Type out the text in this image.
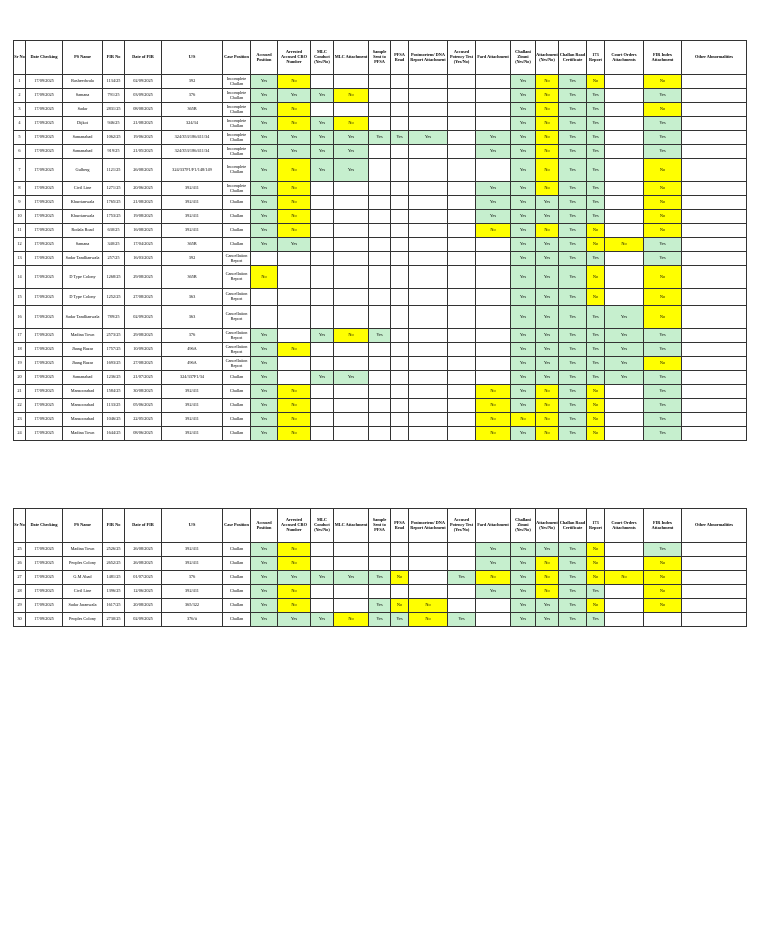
Sr No	Date Checking	PS Name	FIR No	Date of FIR	U/S	Case Position	Accused Position	Arrested Accused CRO Number	MLC Conduct (Yes/No)	MLC Attachment	Sample Sent to PFSA	PFSA Read	Postmortem/ DNA Report Attachment	Accused Potency Test (Yes/No)	Fard Attachment	Challani Zimni (Yes/No)	Attachment (Yes/No)	Challan Road Certificate	173 Report	Court Orders Attachments	FIR Index Attachment	Other Abnormalities
1	17/09/2025	Rasheedwala	1134/25	02/09/2025	392	Incomplete Challan	Yes	No								Yes	No	Yes	No		No	
2	17/09/2025	Samana	791/25	03/09/2025	376	Incomplete Challan	Yes	Yes	Yes	No						Yes	No	Yes	Yes		Yes	
3	17/09/2025	Sadar	2831/25	08/08/2025	365B	Incomplete Challan	Yes	No								Yes	No	Yes	Yes		No	
4	17/09/2025	Dijkot	946/25	21/08/2025	324/34	Incomplete Challan	Yes	No	Yes	No						Yes	No	Yes	Yes		Yes	
5	17/09/2025	Samanabad	1062/25	19/06/2025	324/353/186/411/34	Incomplete Challan	Yes	Yes	Yes	Yes	Yes	Yes	Yes		Yes	Yes	No	Yes	Yes		Yes	
6	17/09/2025	Samanabad	919/25	21/05/2025	324/353/186/411/34	Incomplete Challan	Yes	Yes	Yes	Yes					Yes	Yes	No	Yes	Yes		Yes	
7	17/09/2025	Gulberg	1121/25	26/08/2025	324/337F1/F1/148/149	Incomplete Challan	Yes	No	Yes	Yes						Yes	No	Yes	Yes		No	
8	17/09/2025	Civil Line	1271/25	20/06/2025	392/411	Incomplete Challan	Yes	No							Yes	Yes	No	Yes	Yes		No	
9	17/09/2025	Khurrianwala	1765/25	21/08/2025	392/411	Challan	Yes	No							Yes	Yes	Yes	Yes	Yes		No	
10	17/09/2025	Khurrianwala	1753/25	19/08/2025	392/411	Challan	Yes	No							Yes	Yes	Yes	Yes	Yes		No	
11	17/09/2025	Rodala Road	630/25	16/08/2025	392/411	Challan	Yes	No							No	Yes	No	Yes	No		No	
12	17/09/2025	Samana	340/25	17/04/2025	365B	Challan	Yes	Yes								Yes	Yes	Yes	No	No	Yes	
13	17/09/2025	Sadar Tandlianwala	257/25	16/03/2025	392	Cancellation Report										Yes	Yes	Yes	Yes		Yes	
14	17/09/2025	D Type Colony	1268/25	29/08/2025	365B	Cancellation Report	No									Yes	Yes	Yes	No		No	
15	17/09/2025	D Type Colony	1252/25	27/08/2025	363	Cancellation Report										Yes	Yes	Yes	No		No	
16	17/09/2025	Sadar Tandlianwala	789/25	02/09/2025	363	Cancellation Report										Yes	Yes	Yes	Yes	Yes	No	
17	17/09/2025	Madina Town	2573/25	29/08/2025	376	Cancellation Report	Yes		Yes	No	Yes					Yes	Yes	Yes	Yes	Yes	Yes	
18	17/09/2025	Jhang Bazar	1757/25	10/09/2025	496A	Cancellation Report	Yes	No								Yes	Yes	Yes	Yes	Yes	Yes	
19	17/09/2025	Jhang Bazar	1693/25	27/08/2025	496A	Cancellation Report	Yes									Yes	Yes	Yes	Yes	Yes	No	
20	17/09/2025	Samanabad	1236/25	21/07/2025	324/337F1/34	Challan	Yes		Yes	Yes						Yes	Yes	Yes	Yes	Yes	Yes	
21	17/09/2025	Mansoorabad	1584/25	30/08/2025	392/411	Challan	Yes	No							No	Yes	No	Yes	No		Yes	
22	17/09/2025	Mansoorabad	1133/25	05/06/2025	392/411	Challan	Yes	No							No	Yes	No	Yes	No		Yes	
23	17/09/2025	Mansoorabad	1046/25	22/05/2025	392/411	Challan	Yes	No							No	No	No	Yes	No		Yes	
24	17/09/2025	Madina Town	1644/25	08/06/2025	392/411	Challan	Yes	No							No	Yes	No	Yes	No		Yes	
Sr No	Date Checking	PS Name	FIR No	Date of FIR	U/S	Case Position	Accused Position	Arrested Accused CRO Number	MLC Conduct (Yes/No)	MLC Attachment	Sample Sent to PFSA	PFSA Read	Postmortem/ DNA Report Attachment	Accused Potency Test (Yes/No)	Fard Attachment	Challani Zimni (Yes/No)	Attachment (Yes/No)	Challan Road Certificate	173 Report	Court Orders Attachments	FIR Index Attachment	Other Abnormalities
25	17/09/2025	Madina Town	2526/25	26/08/2025	392/411	Challan	Yes	No							Yes	Yes	Yes	Yes	No		Yes	
26	17/09/2025	Peoples Colony	2652/25	26/08/2025	392/411	Challan	Yes	No							Yes	Yes	No	Yes	No		No	
27	17/09/2025	G.M Abad	1481/25	01/07/2025	376	Challan	Yes	Yes	Yes	Yes	Yes	No		Yes	No	Yes	No	Yes	No	No	No	
28	17/09/2025	Civil Line	1396/25	12/06/2025	392/411	Challan	Yes	No							Yes	Yes	No	Yes	Yes		No	
29	17/09/2025	Sadar Jaranwala	1617/25	20/08/2025	365/322	Challan	Yes	No			Yes	No	No			Yes	Yes	Yes	No		No	
30	17/09/2025	Peoples Colony	2730/25	02/09/2025	376/ii	Challan	Yes	Yes	Yes	No	Yes	Yes	No	Yes		Yes	Yes	Yes	Yes			
